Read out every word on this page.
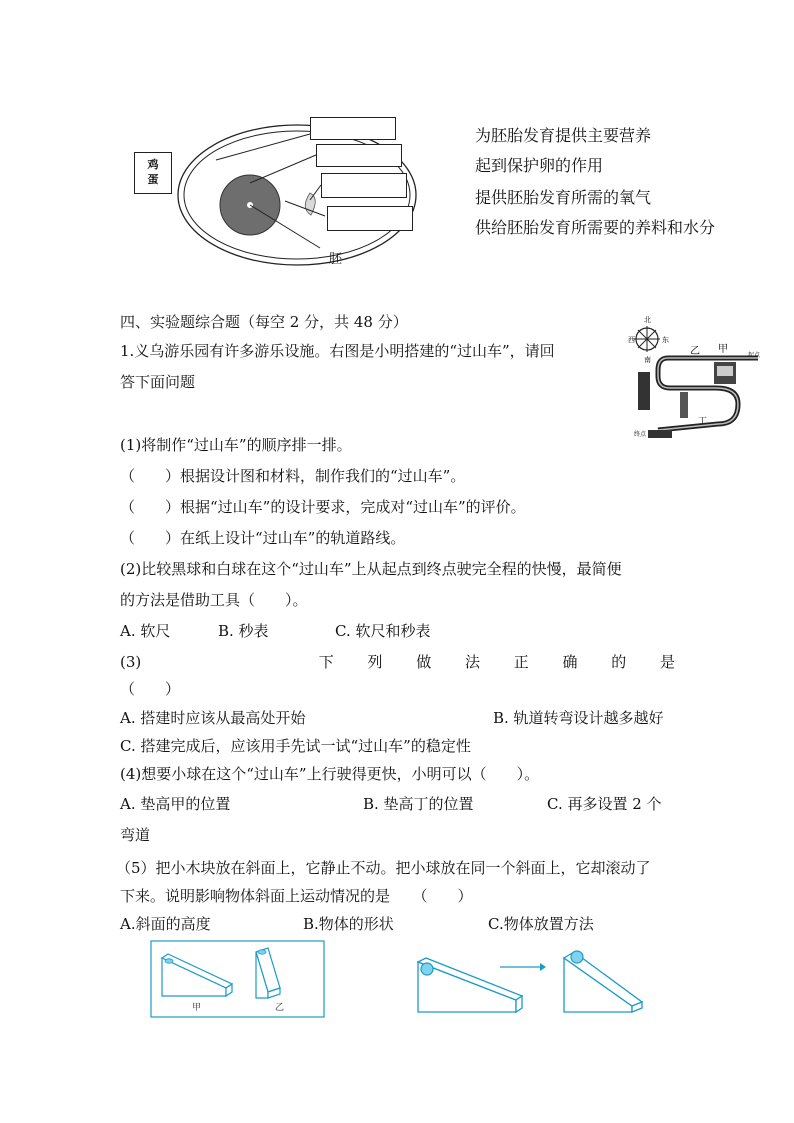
鸡
蛋
胚
为胚胎发育提供主要营养
起到保护卵的作用
提供胚胎发育所需的氧气
供给胚胎发育所需要的养料和水分
四、实验题综合题（每空 2 分，共 48 分）
1.义乌游乐园有许多游乐设施。右图是小明搭建的“过山车”，请回
答下面问题
北
东
南
西
乙 甲
起点
丁
终点
(1)将制作“过山车”的顺序排一排。
（　　）根据设计图和材料，制作我们的“过山车”。
（　　）根据“过山车”的设计要求，完成对“过山车”的评价。
（　　）在纸上设计“过山车”的轨道路线。
(2)比较黑球和白球在这个“过山车”上从起点到终点驶完全程的快慢，最简便
的方法是借助工具（　　）。
A. 软尺	B. 秒表	C. 软尺和秒表
(3)	下 列 做 法 正 确 的 是
（　　）
A. 搭建时应该从最高处开始	B. 轨道转弯设计越多越好
C. 搭建完成后，应该用手先试一试“过山车”的稳定性
(4)想要小球在这个“过山车”上行驶得更快，小明可以（　　）。
A. 垫高甲的位置	B. 垫高丁的位置	C. 再多设置 2 个
弯道
（5）把小木块放在斜面上，它静止不动。把小球放在同一个斜面上，它却滚动了
下来。说明影响物体斜面上运动情况的是　　（　　）
A.斜面的高度	B.物体的形状	C.物体放置方法
甲	乙
